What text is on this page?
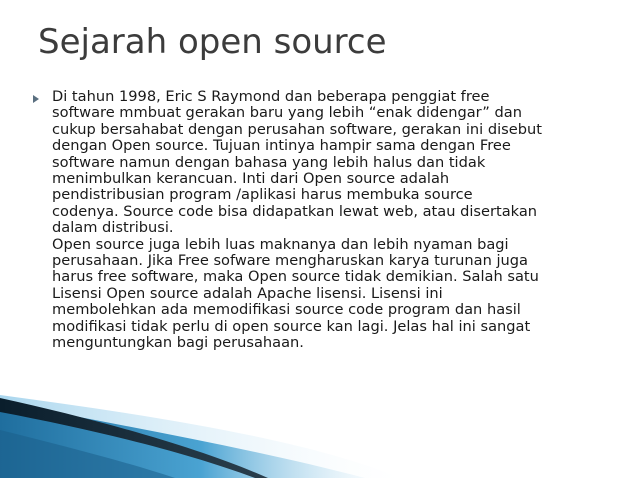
Sejarah open source

Di tahun 1998, Eric S Raymond dan beberapa penggiat free

software mmbuat gerakan baru yang lebih “enak didengar” dan

cukup bersahabat dengan perusahan software, gerakan ini disebut

dengan Open source. Tujuan intinya hampir sama dengan Free

software namun dengan bahasa yang lebih halus dan tidak

menimbulkan kerancuan. Inti dari Open source adalah

pendistribusian program /aplikasi harus membuka source

codenya. Source code bisa didapatkan lewat web, atau disertakan

dalam distribusi.

Open source juga lebih luas maknanya dan lebih nyaman bagi

perusahaan. Jika Free sofware mengharuskan karya turunan juga

harus free software, maka Open source tidak demikian. Salah satu

Lisensi Open source adalah Apache lisensi. Lisensi ini

membolehkan ada memodifikasi source code program dan hasil

modifikasi tidak perlu di open source kan lagi. Jelas hal ini sangat

menguntungkan bagi perusahaan.
